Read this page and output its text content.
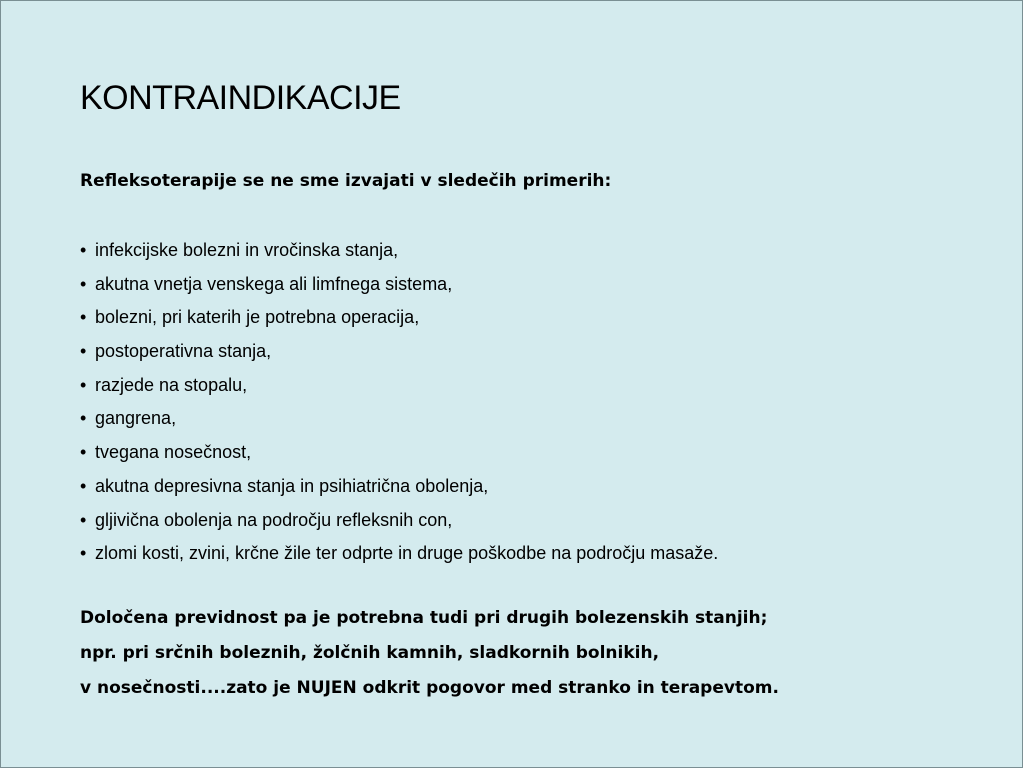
KONTRAINDIKACIJE
Refleksoterapije se ne sme izvajati v sledečih primerih:
• infekcijske bolezni in vročinska stanja,
• akutna vnetja venskega ali limfnega sistema,
• bolezni, pri katerih je potrebna operacija,
• postoperativna stanja,
• razjede na stopalu,
• gangrena,
• tvegana nosečnost,
• akutna depresivna stanja in psihiatrična obolenja,
• gljivična obolenja na področju refleksnih con,
• zlomi kosti, zvini, krčne žile ter odprte in druge poškodbe na področju masaže.
Določena previdnost pa je potrebna tudi pri drugih bolezenskih stanjih;
npr. pri srčnih boleznih, žolčnih kamnih, sladkornih bolnikih,
v nosečnosti....zato je NUJEN odkrit pogovor med stranko in terapevtom.
